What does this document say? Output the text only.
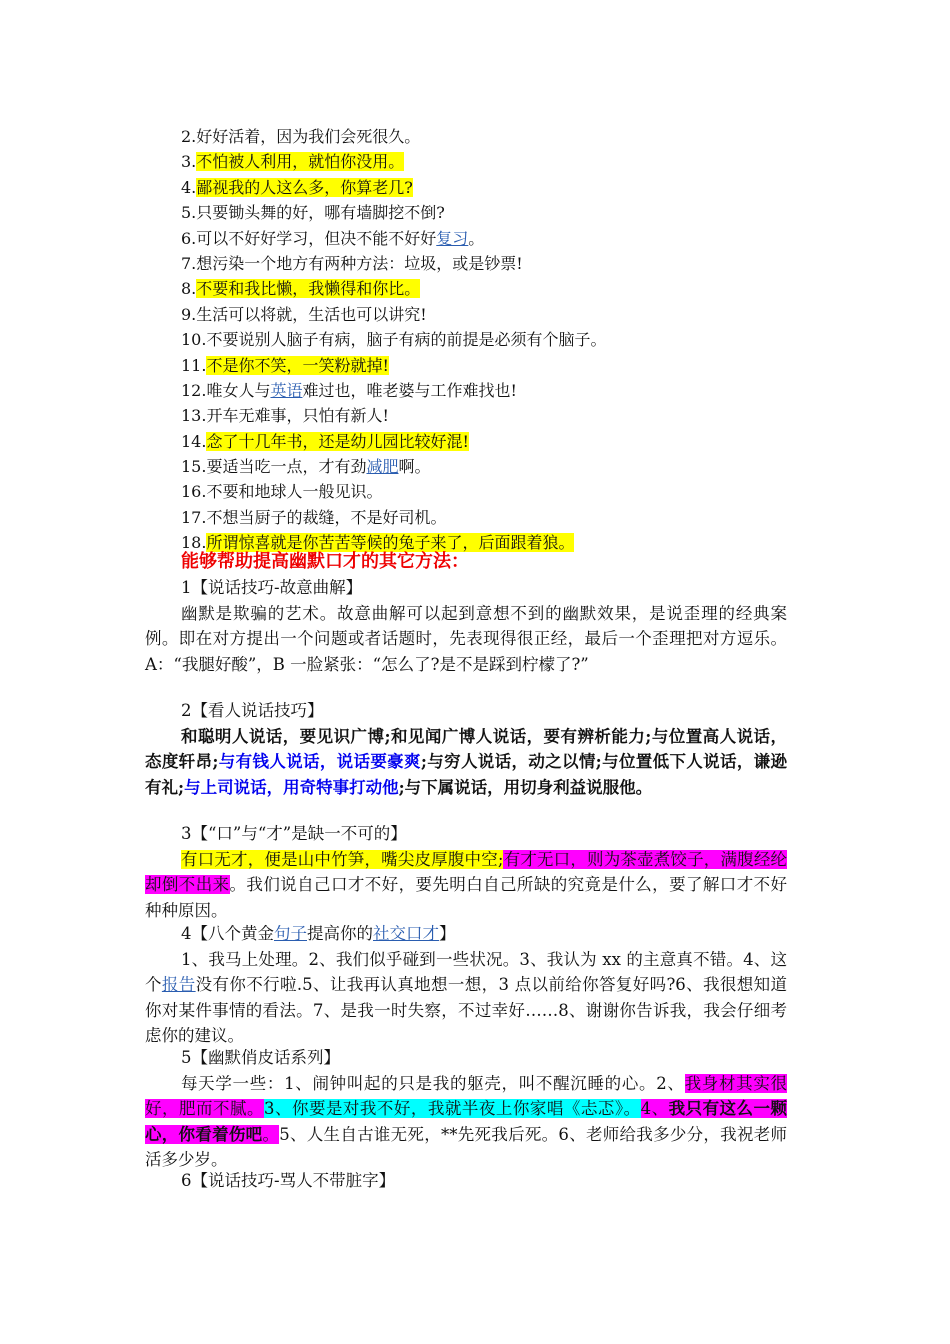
2.好好活着，因为我们会死很久。
3.不怕被人利用，就怕你没用。
4.鄙视我的人这么多，你算老几?
5.只要锄头舞的好，哪有墙脚挖不倒?
6.可以不好好学习，但决不能不好好复习。
7.想污染一个地方有两种方法：垃圾，或是钞票!
8.不要和我比懒，我懒得和你比。
9.生活可以将就，生活也可以讲究!
10.不要说别人脑子有病，脑子有病的前提是必须有个脑子。
11.不是你不笑，一笑粉就掉!
12.唯女人与英语难过也，唯老婆与工作难找也!
13.开车无难事，只怕有新人!
14.念了十几年书，还是幼儿园比较好混!
15.要适当吃一点，才有劲减肥啊。
16.不要和地球人一般见识。
17.不想当厨子的裁缝，不是好司机。
18.所谓惊喜就是你苦苦等候的兔子来了，后面跟着狼。
能够帮助提高幽默口才的其它方法：
1【说话技巧-故意曲解】
幽默是欺骗的艺术。故意曲解可以起到意想不到的幽默效果，是说歪理的经典案例。即在对方提出一个问题或者话题时，先表现得很正经，最后一个歪理把对方逗乐。A：“我腿好酸”，B 一脸紧张：“怎么了?是不是踩到柠檬了?”
2【看人说话技巧】
和聪明人说话，要见识广博;和见闻广博人说话，要有辨析能力;与位置高人说话，态度轩昂;与有钱人说话，说话要豪爽;与穷人说话，动之以情;与位置低下人说话，谦逊有礼;与上司说话，用奇特事打动他;与下属说话，用切身利益说服他。
3【“口”与“才”是缺一不可的】
有口无才，便是山中竹笋，嘴尖皮厚腹中空;有才无口，则为茶壶煮饺子，满腹经纶却倒不出来。我们说自己口才不好，要先明白自己所缺的究竟是什么，要了解口才不好种种原因。
4【八个黄金句子提高你的社交口才】
1、我马上处理。2、我们似乎碰到一些状况。3、我认为 xx 的主意真不错。4、这个报告没有你不行啦.5、让我再认真地想一想，3 点以前给你答复好吗?6、我很想知道你对某件事情的看法。7、是我一时失察，不过幸好……8、谢谢你告诉我，我会仔细考虑你的建议。
5【幽默俏皮话系列】
每天学一些：1、闹钟叫起的只是我的躯壳，叫不醒沉睡的心。2、我身材其实很好，肥而不腻。3、你要是对我不好，我就半夜上你家唱《忐忑》。4、我只有这么一颗心，你看着伤吧。5、人生自古谁无死，**先死我后死。6、老师给我多少分，我祝老师活多少岁。
6【说话技巧-骂人不带脏字】
